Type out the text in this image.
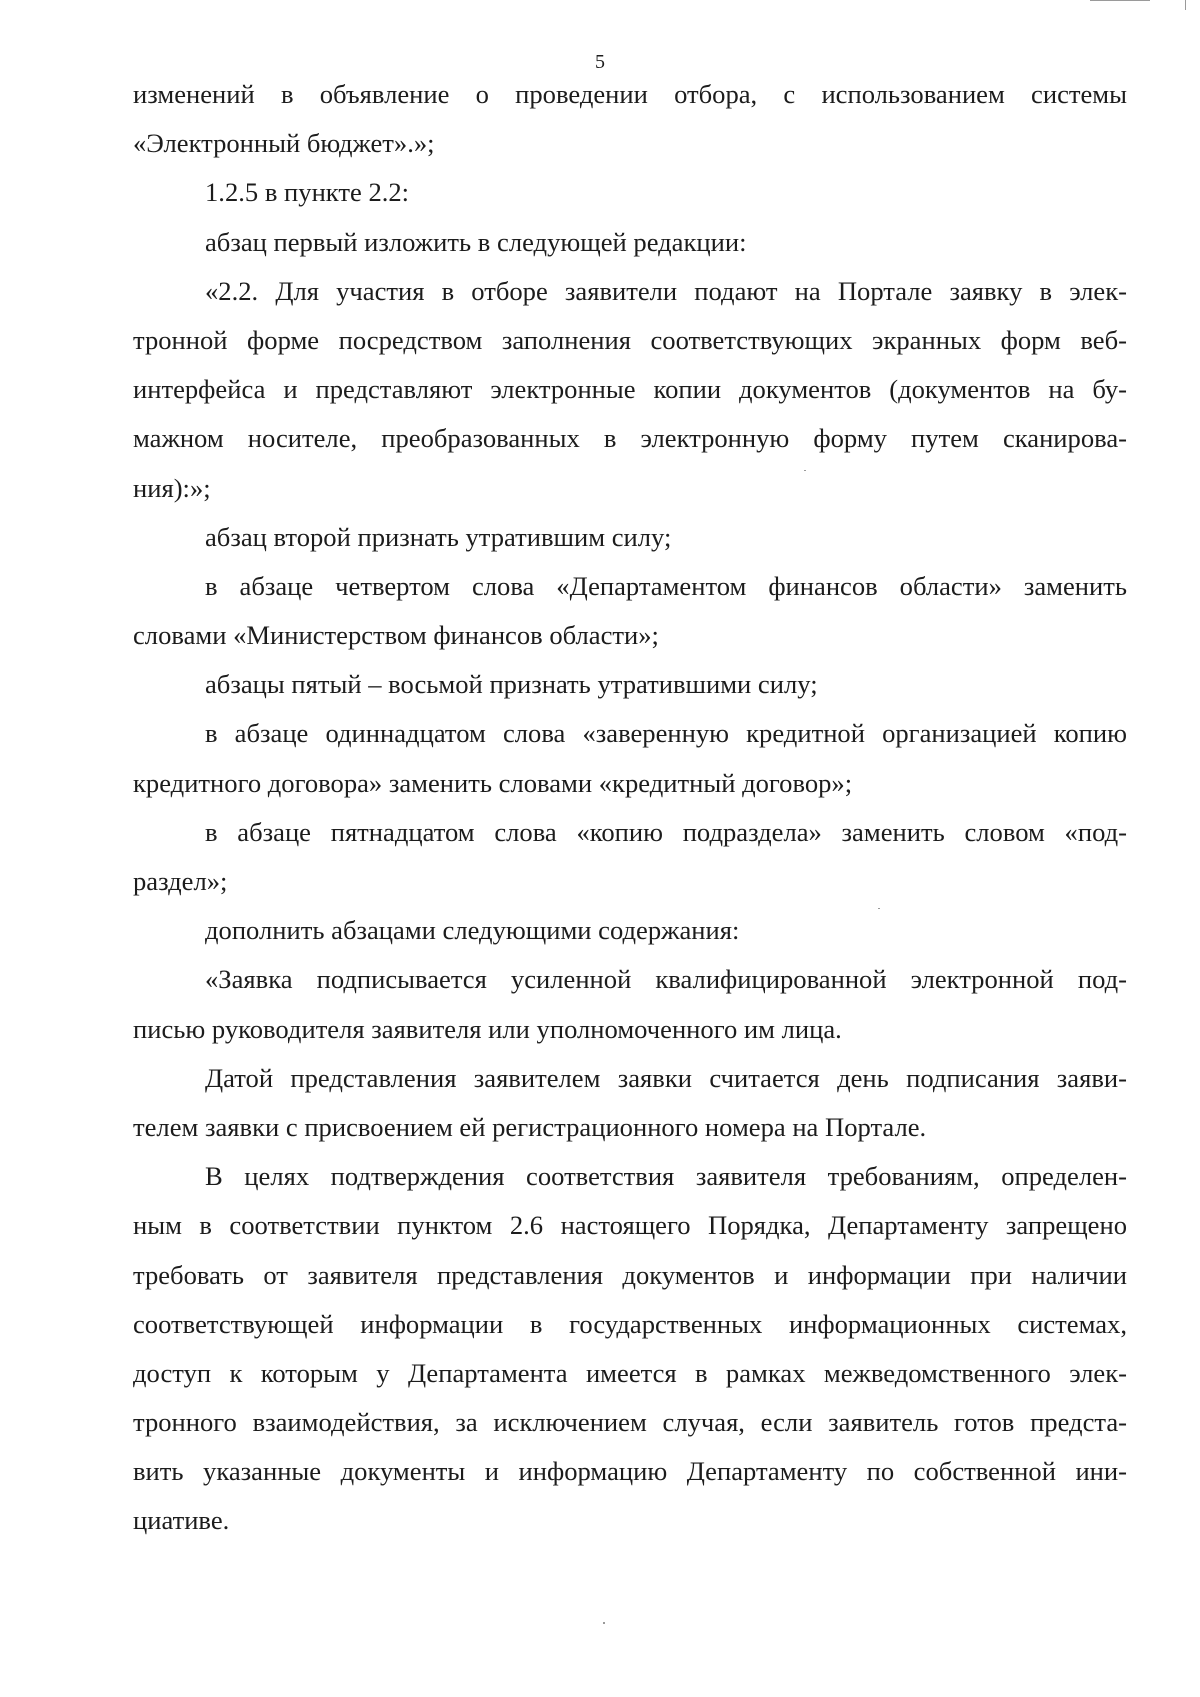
5
изменений в объявление о проведении отбора, с использованием системы
«Электронный бюджет».»;
1.2.5 в пункте 2.2:
абзац первый изложить в следующей редакции:
«2.2. Для участия в отборе заявители подают на Портале заявку в элек-
тронной форме посредством заполнения соответствующих экранных форм веб-
интерфейса и представляют электронные копии документов (документов на бу-
мажном носителе, преобразованных в электронную форму путем сканирова-
ния):»;
абзац второй признать утратившим силу;
в абзаце четвертом слова «Департаментом финансов области» заменить
словами «Министерством финансов области»;
абзацы пятый – восьмой признать утратившими силу;
в абзаце одиннадцатом слова «заверенную кредитной организацией копию
кредитного договора» заменить словами «кредитный договор»;
в абзаце пятнадцатом слова «копию подраздела» заменить словом «под-
раздел»;
дополнить абзацами следующими содержания:
«Заявка подписывается усиленной квалифицированной электронной под-
писью руководителя заявителя или уполномоченного им лица.
Датой представления заявителем заявки считается день подписания заяви-
телем заявки с присвоением ей регистрационного номера на Портале.
В целях подтверждения соответствия заявителя требованиям, определен-
ным в соответствии пунктом 2.6 настоящего Порядка, Департаменту запрещено
требовать от заявителя представления документов и информации при наличии
соответствующей информации в государственных информационных системах,
доступ к которым у Департамента имеется в рамках межведомственного элек-
тронного взаимодействия, за исключением случая, если заявитель готов предста-
вить указанные документы и информацию Департаменту по собственной ини-
циативе.
